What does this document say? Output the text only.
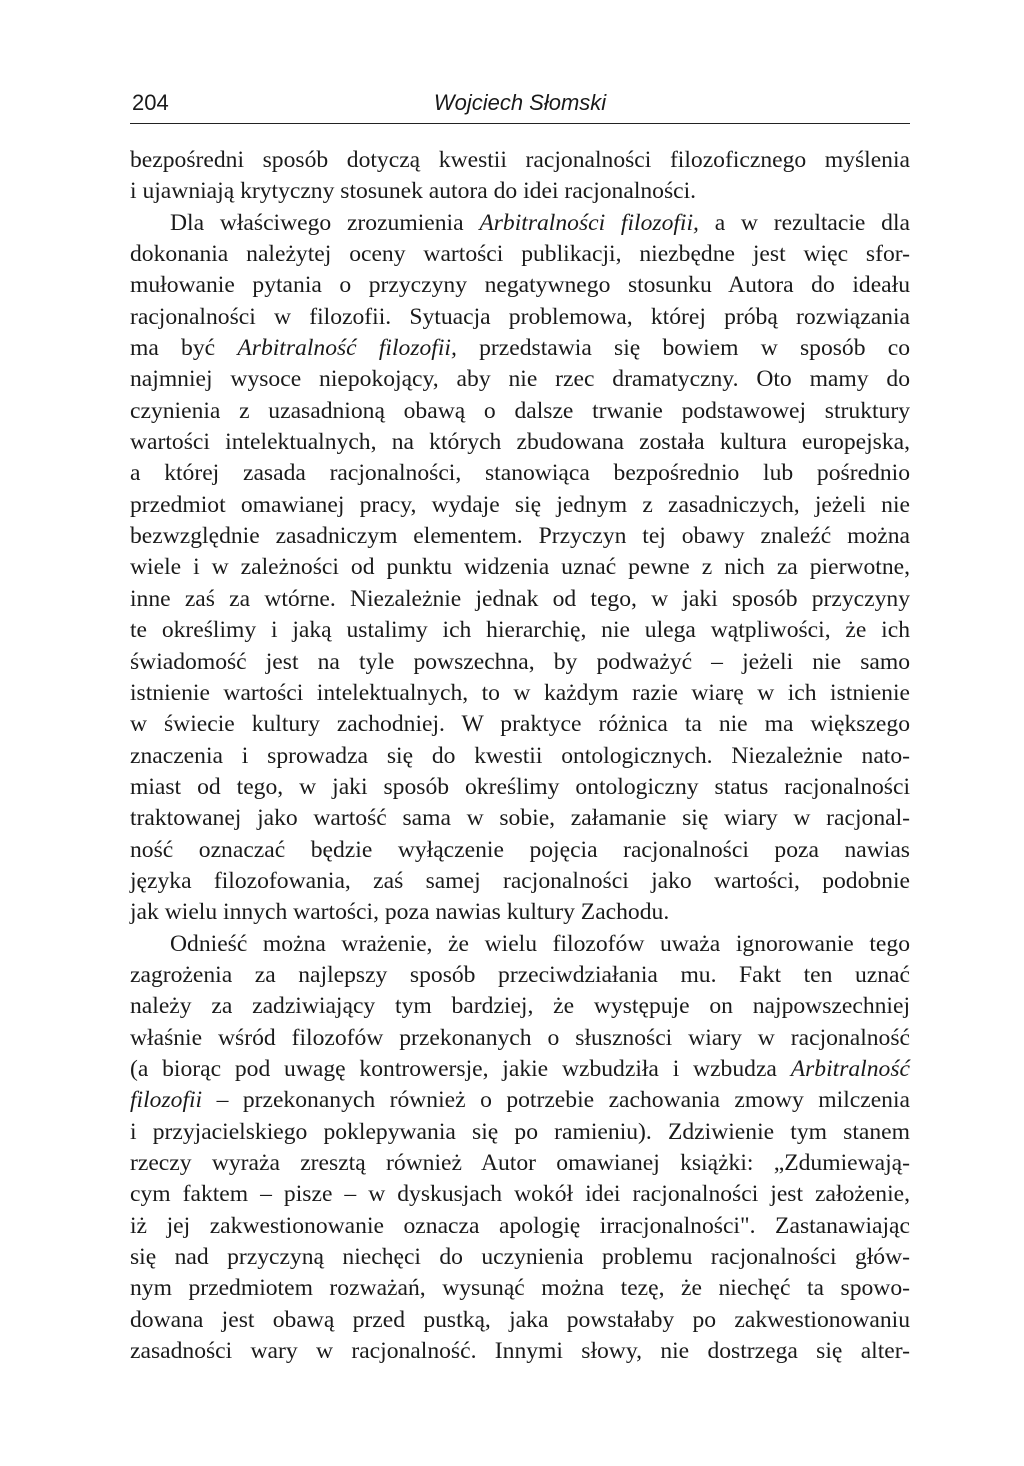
204	Wojciech Słomski
bezpośredni sposób dotyczą kwestii racjonalności filozoficznego myślenia
i ujawniają krytyczny stosunek autora do idei racjonalności.
Dla właściwego zrozumienia Arbitralności filozofii, a w rezultacie dla
dokonania należytej oceny wartości publikacji, niezbędne jest więc sfor-
mułowanie pytania o przyczyny negatywnego stosunku Autora do ideału
racjonalności w filozofii. Sytuacja problemowa, której próbą rozwiązania
ma być Arbitralność filozofii, przedstawia się bowiem w sposób co
najmniej wysoce niepokojący, aby nie rzec dramatyczny. Oto mamy do
czynienia z uzasadnioną obawą o dalsze trwanie podstawowej struktury
wartości intelektualnych, na których zbudowana została kultura europejska,
a której zasada racjonalności, stanowiąca bezpośrednio lub pośrednio
przedmiot omawianej pracy, wydaje się jednym z zasadniczych, jeżeli nie
bezwzględnie zasadniczym elementem. Przyczyn tej obawy znaleźć można
wiele i w zależności od punktu widzenia uznać pewne z nich za pierwotne,
inne zaś za wtórne. Niezależnie jednak od tego, w jaki sposób przyczyny
te określimy i jaką ustalimy ich hierarchię, nie ulega wątpliwości, że ich
świadomość jest na tyle powszechna, by podważyć – jeżeli nie samo
istnienie wartości intelektualnych, to w każdym razie wiarę w ich istnienie
w świecie kultury zachodniej. W praktyce różnica ta nie ma większego
znaczenia i sprowadza się do kwestii ontologicznych. Niezależnie nato-
miast od tego, w jaki sposób określimy ontologiczny status racjonalności
traktowanej jako wartość sama w sobie, załamanie się wiary w racjonal-
ność oznaczać będzie wyłączenie pojęcia racjonalności poza nawias
języka filozofowania, zaś samej racjonalności jako wartości, podobnie
jak wielu innych wartości, poza nawias kultury Zachodu.
Odnieść można wrażenie, że wielu filozofów uważa ignorowanie tego
zagrożenia za najlepszy sposób przeciwdziałania mu. Fakt ten uznać
należy za zadziwiający tym bardziej, że występuje on najpowszechniej
właśnie wśród filozofów przekonanych o słuszności wiary w racjonalność
(a biorąc pod uwagę kontrowersje, jakie wzbudziła i wzbudza Arbitralność
filozofii – przekonanych również o potrzebie zachowania zmowy milczenia
i przyjacielskiego poklepywania się po ramieniu). Zdziwienie tym stanem
rzeczy wyraża zresztą również Autor omawianej książki: „Zdumiewają-
cym faktem – pisze – w dyskusjach wokół idei racjonalności jest założenie,
iż jej zakwestionowanie oznacza apologię irracjonalności". Zastanawiając
się nad przyczyną niechęci do uczynienia problemu racjonalności głów-
nym przedmiotem rozważań, wysunąć można tezę, że niechęć ta spowo-
dowana jest obawą przed pustką, jaka powstałaby po zakwestionowaniu
zasadności wary w racjonalność. Innymi słowy, nie dostrzega się alter-
